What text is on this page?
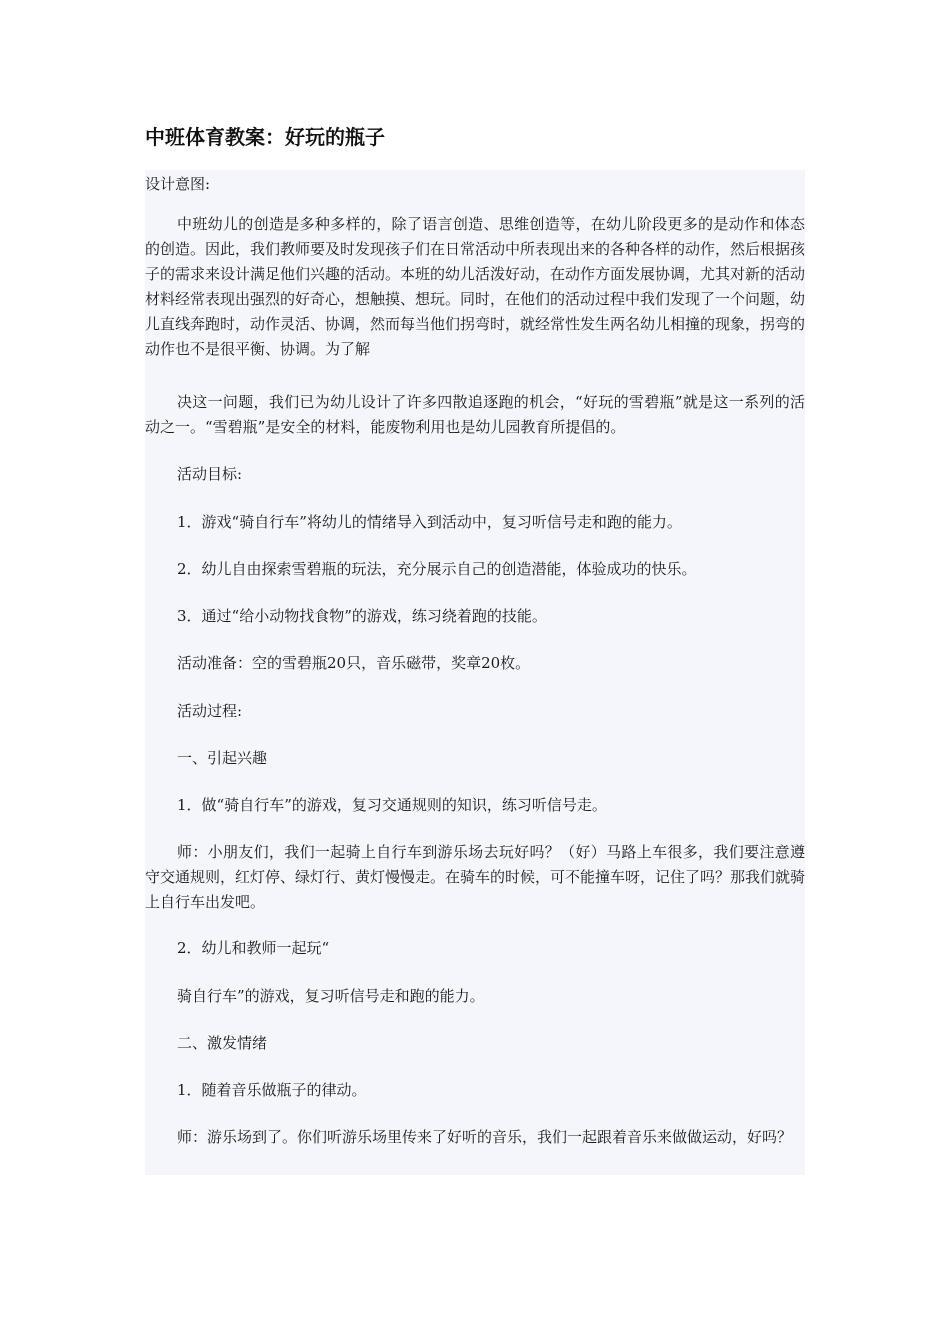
中班体育教案：好玩的瓶子

设计意图:

中班幼儿的创造是多种多样的，除了语言创造、思维创造等，在幼儿阶段更多的是动作和体态的创造。因此，我们教师要及时发现孩子们在日常活动中所表现出来的各种各样的动作，然后根据孩子的需求来设计满足他们兴趣的活动。本班的幼儿活泼好动，在动作方面发展协调，尤其对新的活动材料经常表现出强烈的好奇心，想触摸、想玩。同时，在他们的活动过程中我们发现了一个问题，幼儿直线奔跑时，动作灵活、协调，然而每当他们拐弯时，就经常性发生两名幼儿相撞的现象，拐弯的动作也不是很平衡、协调。为了解

决这一问题，我们已为幼儿设计了许多四散追逐跑的机会，“好玩的雪碧瓶”就是这一系列的活动之一。“雪碧瓶”是安全的材料，能废物利用也是幼儿园教育所提倡的。

活动目标:

1．游戏“骑自行车”将幼儿的情绪导入到活动中，复习听信号走和跑的能力。

2．幼儿自由探索雪碧瓶的玩法，充分展示自己的创造潜能，体验成功的快乐。

3．通过“给小动物找食物”的游戏，练习绕着跑的技能。

活动准备：空的雪碧瓶20只，音乐磁带，奖章20枚。

活动过程:

一、引起兴趣

1．做“骑自行车”的游戏，复习交通规则的知识，练习听信号走。

师：小朋友们，我们一起骑上自行车到游乐场去玩好吗？（好）马路上车很多，我们要注意遵守交通规则，红灯停、绿灯行、黄灯慢慢走。在骑车的时候，可不能撞车呀，记住了吗？那我们就骑上自行车出发吧。

2．幼儿和教师一起玩“

骑自行车”的游戏，复习听信号走和跑的能力。

二、激发情绪

1．随着音乐做瓶子的律动。

师：游乐场到了。你们听游乐场里传来了好听的音乐，我们一起跟着音乐来做做运动，好吗？
